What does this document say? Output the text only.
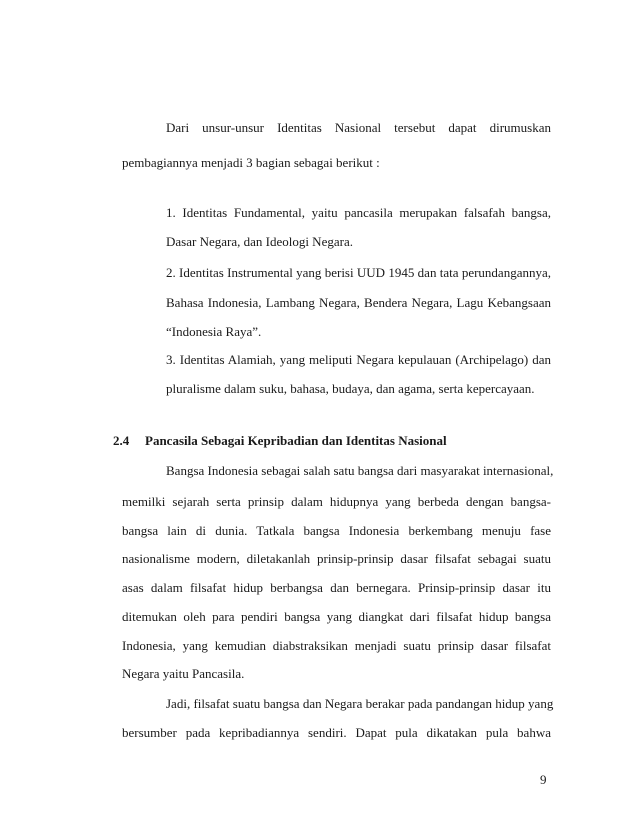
Dari unsur-unsur Identitas Nasional tersebut dapat dirumuskan
pembagiannya menjadi 3 bagian sebagai berikut :
1. Identitas Fundamental, yaitu pancasila merupakan falsafah bangsa,
Dasar Negara, dan Ideologi Negara.
2. Identitas Instrumental yang berisi UUD 1945 dan tata perundangannya,
Bahasa Indonesia, Lambang Negara, Bendera Negara, Lagu Kebangsaan
“Indonesia Raya”.
3. Identitas Alamiah, yang meliputi Negara kepulauan (Archipelago) dan
pluralisme dalam suku, bahasa, budaya, dan agama, serta kepercayaan.
2.4 Pancasila Sebagai Kepribadian dan Identitas Nasional
Bangsa Indonesia sebagai salah satu bangsa dari masyarakat internasional,
memilki sejarah serta prinsip dalam hidupnya yang berbeda dengan bangsa-
bangsa lain di dunia. Tatkala bangsa Indonesia berkembang menuju fase
nasionalisme modern, diletakanlah prinsip-prinsip dasar filsafat sebagai suatu
asas dalam filsafat hidup berbangsa dan bernegara. Prinsip-prinsip dasar itu
ditemukan oleh para pendiri bangsa yang diangkat dari filsafat hidup bangsa
Indonesia, yang kemudian diabstraksikan menjadi suatu prinsip dasar filsafat
Negara yaitu Pancasila.
Jadi, filsafat suatu bangsa dan Negara berakar pada pandangan hidup yang
bersumber pada kepribadiannya sendiri. Dapat pula dikatakan pula bahwa
9
